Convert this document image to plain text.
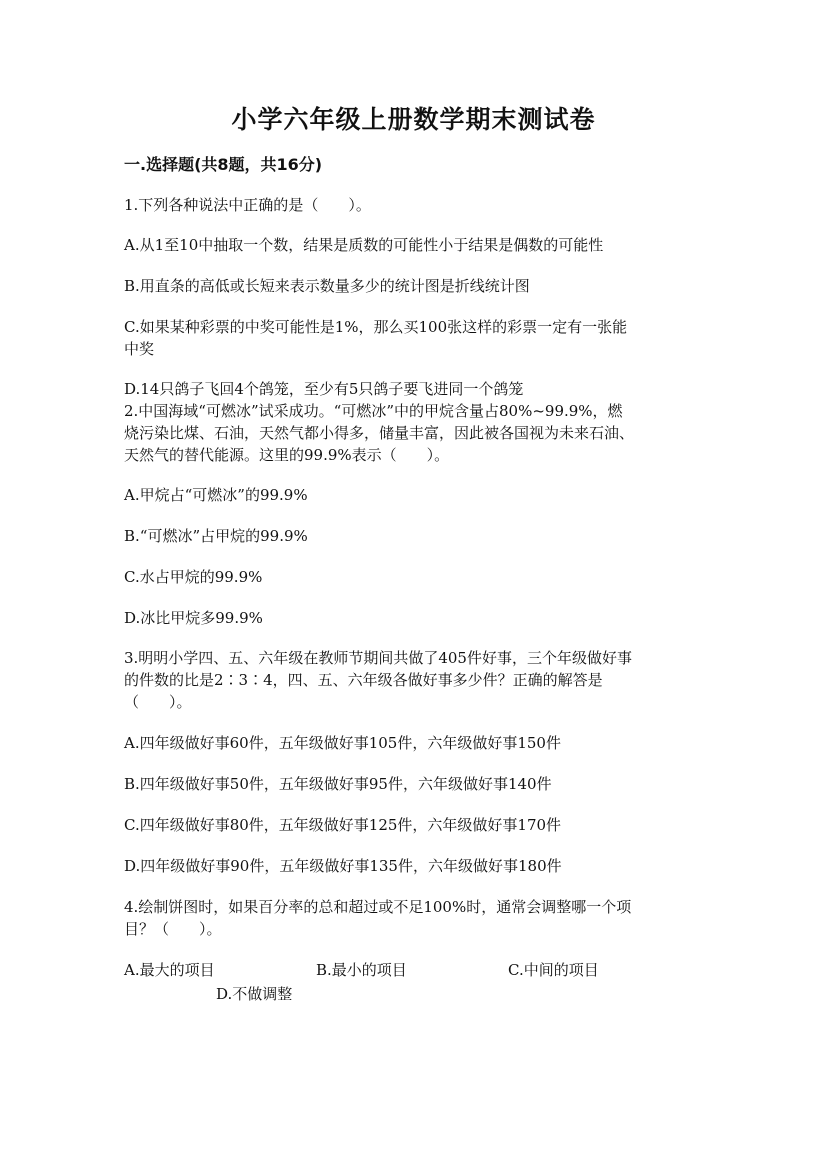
小学六年级上册数学期末测试卷
一.选择题(共8题，共16分)
1.下列各种说法中正确的是（　　）。
A.从1至10中抽取一个数，结果是质数的可能性小于结果是偶数的可能性
B.用直条的高低或长短来表示数量多少的统计图是折线统计图
C.如果某种彩票的中奖可能性是1%，那么买100张这样的彩票一定有一张能
中奖
D.14只鸽子飞回4个鸽笼，至少有5只鸽子要飞进同一个鸽笼
2.中国海域“可燃冰”试采成功。“可燃冰”中的甲烷含量占80%~99.9%，燃
烧污染比煤、石油，天然气都小得多，储量丰富，因此被各国视为未来石油、
天然气的替代能源。这里的99.9%表示（　　）。
A.甲烷占“可燃冰”的99.9%
B.“可燃冰”占甲烷的99.9%
C.水占甲烷的99.9%
D.冰比甲烷多99.9%
3.明明小学四、五、六年级在教师节期间共做了405件好事，三个年级做好事
的件数的比是2∶3∶4，四、五、六年级各做好事多少件？正确的解答是
（　　）。
A.四年级做好事60件，五年级做好事105件，六年级做好事150件
B.四年级做好事50件，五年级做好事95件，六年级做好事140件
C.四年级做好事80件，五年级做好事125件，六年级做好事170件
D.四年级做好事90件，五年级做好事135件，六年级做好事180件
4.绘制饼图时，如果百分率的总和超过或不足100%时，通常会调整哪一个项
目？（　　）。
A.最大的项目	B.最小的项目	C.中间的项目
D.不做调整
